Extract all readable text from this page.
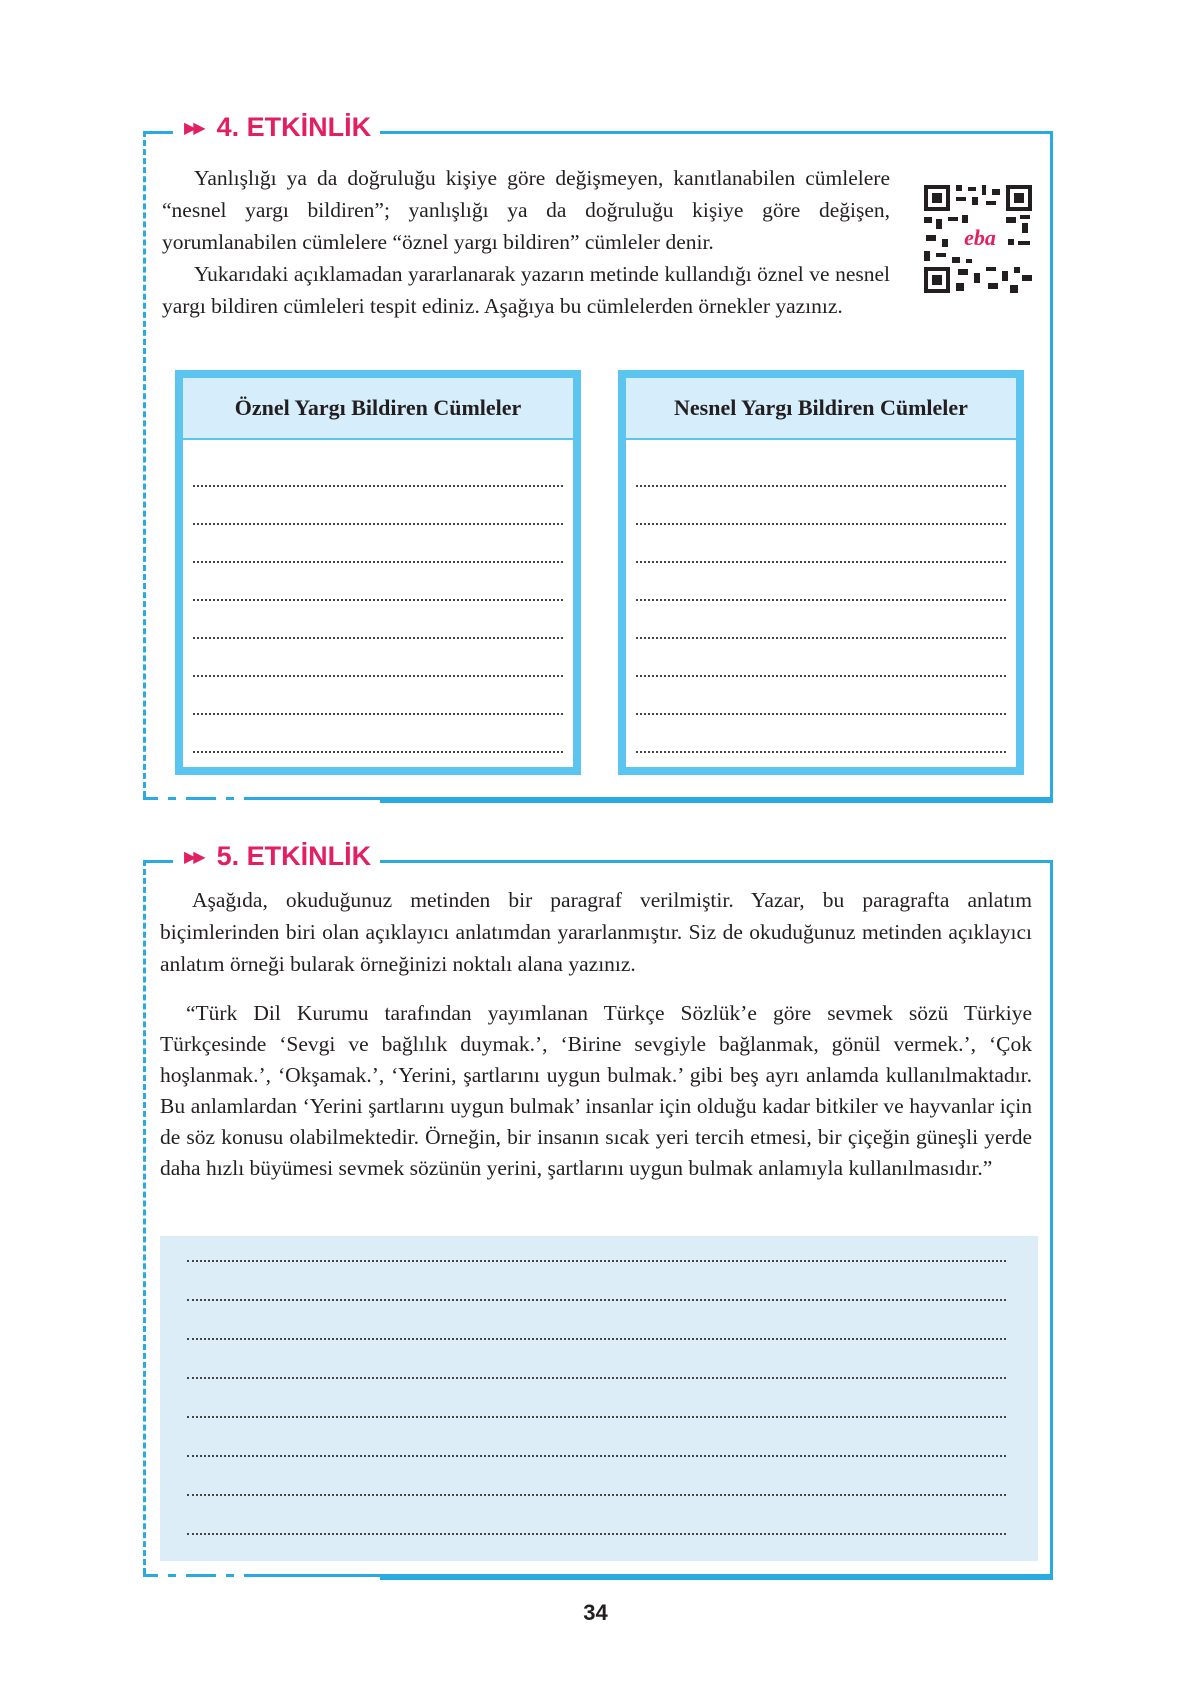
▶▶ 4. ETKİNLİK

Yanlışlığı ya da doğruluğu kişiye göre değişmeyen, kanıtlanabilen cümlelere “nesnel yargı bildiren”; yanlışlığı ya da doğruluğu kişiye göre değişen, yorumlanabilen cümlelere “öznel yargı bildiren” cümleler denir.

Yukarıdaki açıklamadan yararlanarak yazarın metinde kullandığı öznel ve nesnel yargı bildiren cümleleri tespit ediniz. Aşağıya bu cümlelerden örnekler yazınız.

eba
Öznel Yargı Bildiren Cümleler	Nesnel Yargı Bildiren Cümleler
▶▶ 5. ETKİNLİK

Aşağıda, okuduğunuz metinden bir paragraf verilmiştir. Yazar, bu paragrafta anlatım biçimlerinden biri olan açıklayıcı anlatımdan yararlanmıştır. Siz de okuduğunuz metinden açıklayıcı anlatım örneği bularak örneğinizi noktalı alana yazınız.

“Türk Dil Kurumu tarafından yayımlanan Türkçe Sözlük’e göre sevmek sözü Türkiye Türkçesinde ‘Sevgi ve bağlılık duymak.’, ‘Birine sevgiyle bağlanmak, gönül vermek.’, ‘Çok hoşlanmak.’, ‘Okşamak.’, ‘Yerini, şartlarını uygun bulmak.’ gibi beş ayrı anlamda kullanılmaktadır. Bu anlamlardan ‘Yerini şartlarını uygun bulmak’ insanlar için olduğu kadar bitkiler ve hayvanlar için de söz konusu olabilmektedir. Örneğin, bir insanın sıcak yeri tercih etmesi, bir çiçeğin güneşli yerde daha hızlı büyümesi sevmek sözünün yerini, şartlarını uygun bulmak anlamıyla kullanılmasıdır.”

34
